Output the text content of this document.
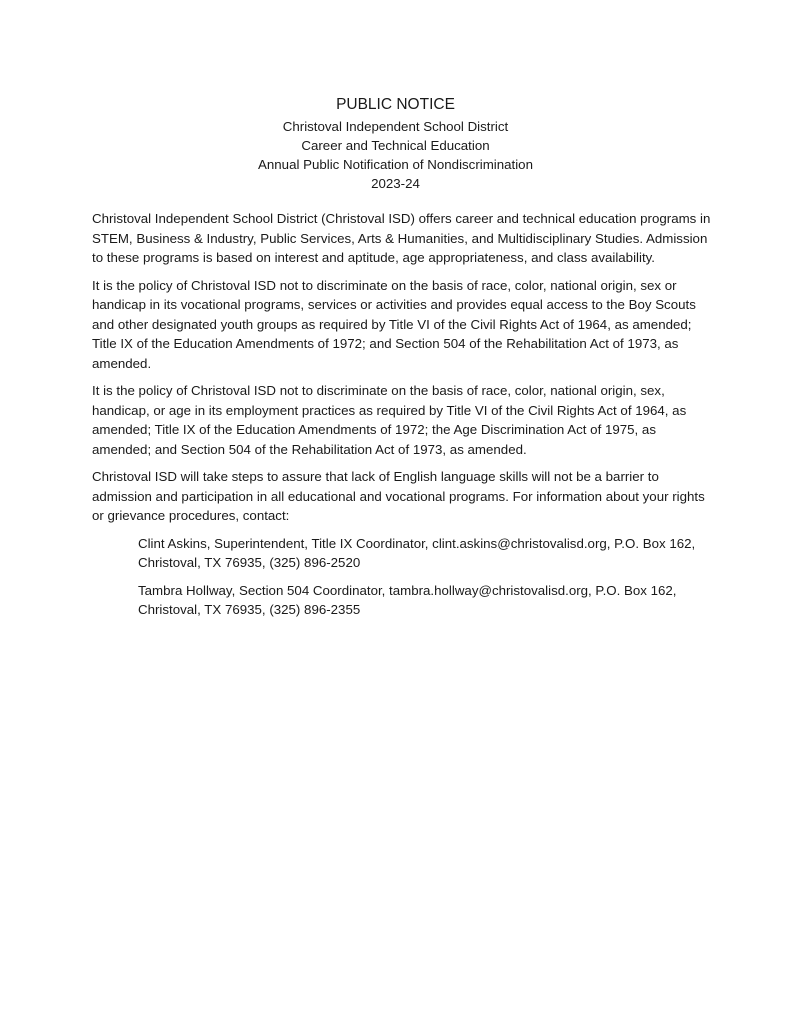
PUBLIC NOTICE
Christoval Independent School District
Career and Technical Education
Annual Public Notification of Nondiscrimination
2023-24

Christoval Independent School District (Christoval ISD) offers career and technical education programs in STEM, Business & Industry, Public Services, Arts & Humanities, and Multidisciplinary Studies. Admission to these programs is based on interest and aptitude, age appropriateness, and class availability.

It is the policy of Christoval ISD not to discriminate on the basis of race, color, national origin, sex or handicap in its vocational programs, services or activities and provides equal access to the Boy Scouts and other designated youth groups as required by Title VI of the Civil Rights Act of 1964, as amended; Title IX of the Education Amendments of 1972; and Section 504 of the Rehabilitation Act of 1973, as amended.

It is the policy of Christoval ISD not to discriminate on the basis of race, color, national origin, sex, handicap, or age in its employment practices as required by Title VI of the Civil Rights Act of 1964, as amended; Title IX of the Education Amendments of 1972; the Age Discrimination Act of 1975, as amended; and Section 504 of the Rehabilitation Act of 1973, as amended.

Christoval ISD will take steps to assure that lack of English language skills will not be a barrier to admission and participation in all educational and vocational programs. For information about your rights or grievance procedures, contact:

Clint Askins, Superintendent, Title IX Coordinator, clint.askins@christovalisd.org, P.O. Box 162, Christoval, TX 76935, (325) 896-2520

Tambra Hollway, Section 504 Coordinator, tambra.hollway@christovalisd.org, P.O. Box 162, Christoval, TX 76935, (325) 896-2355
